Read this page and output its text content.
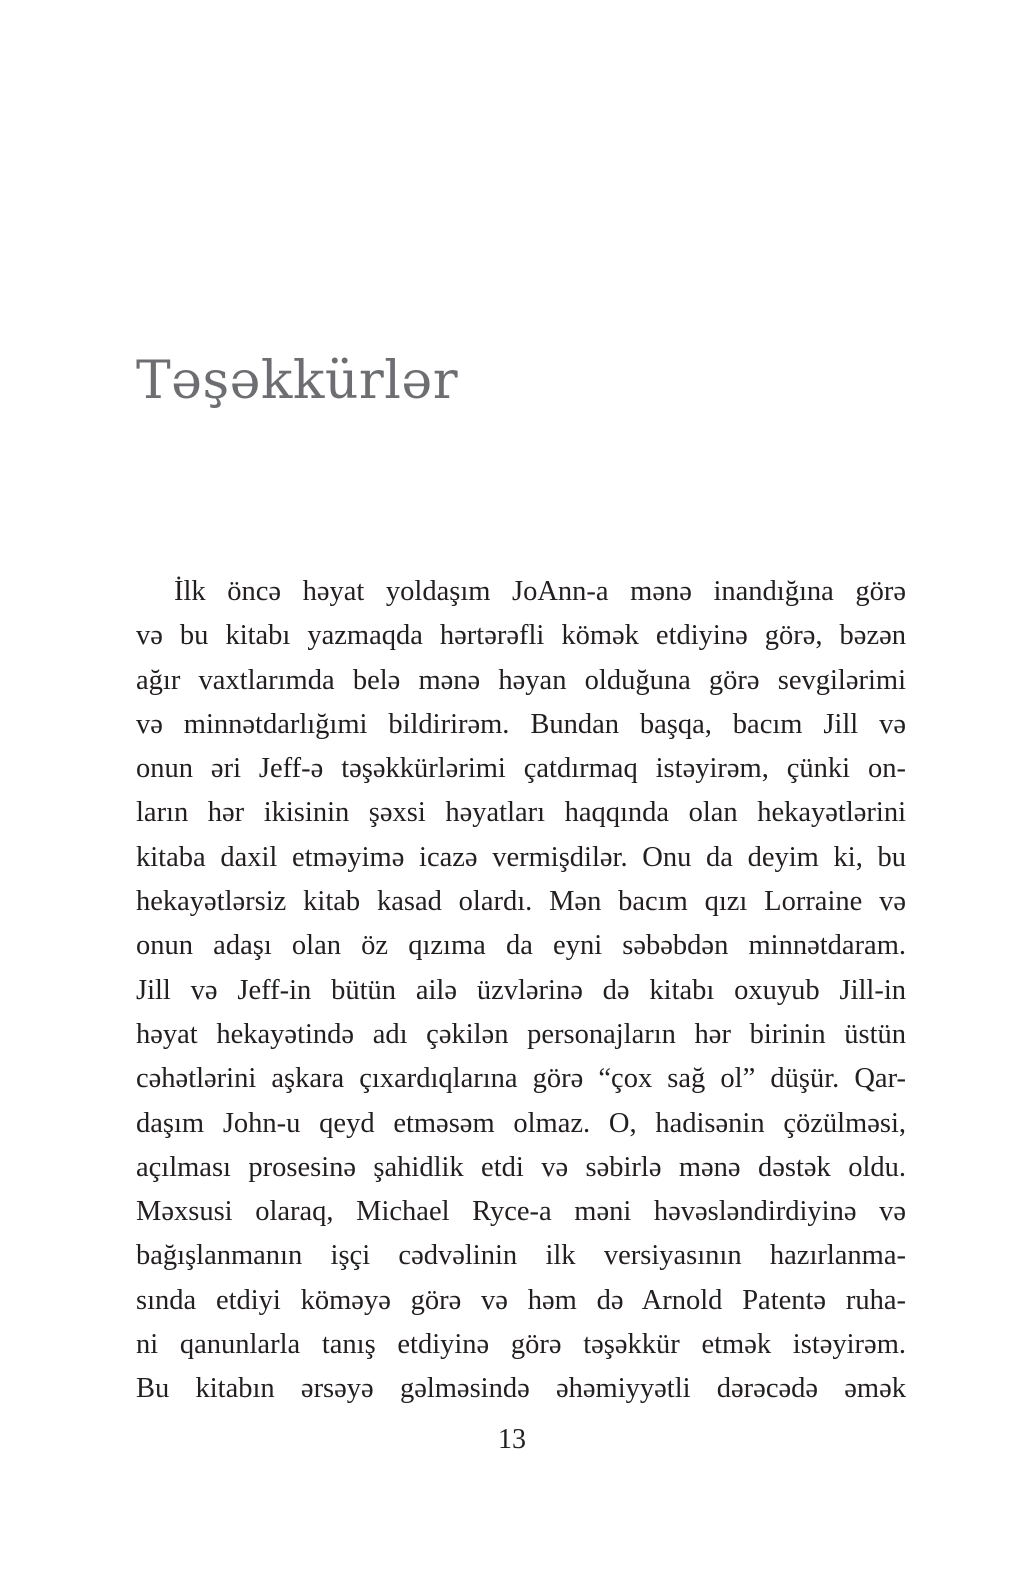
Təşəkkürlər
İlk öncə həyat yoldaşım JoAnn-a mənə inandığına görə
və bu kitabı yazmaqda hərtərəfli kömək etdiyinə görə, bəzən
ağır vaxtlarımda belə mənə həyan olduğuna görə sevgilərimi
və minnətdarlığımi bildirirəm. Bundan başqa, bacım Jill və
onun əri Jeff-ə təşəkkürlərimi çatdırmaq istəyirəm, çünki on-
ların hər ikisinin şəxsi həyatları haqqında olan hekayətlərini
kitaba daxil etməyimə icazə vermişdilər. Onu da deyim ki, bu
hekayətlərsiz kitab kasad olardı. Mən bacım qızı Lorraine və
onun adaşı olan öz qızıma da eyni səbəbdən minnətdaram.
Jill və Jeff-in bütün ailə üzvlərinə də kitabı oxuyub Jill-in
həyat hekayətində adı çəkilən personajların hər birinin üstün
cəhətlərini aşkara çıxardıqlarına görə “çox sağ ol” düşür. Qar-
daşım John-u qeyd etməsəm olmaz. O, hadisənin çözülməsi,
açılması prosesinə şahidlik etdi və səbirlə mənə dəstək oldu.
Məxsusi olaraq, Michael Ryce-a məni həvəsləndirdiyinə və
bağışlanmanın işçi cədvəlinin ilk versiyasının hazırlanma-
sında etdiyi köməyə görə və həm də Arnold Patentə ruha-
ni qanunlarla tanış etdiyinə görə təşəkkür etmək istəyirəm.
Bu kitabın ərsəyə gəlməsində əhəmiyyətli dərəcədə əmək
13
